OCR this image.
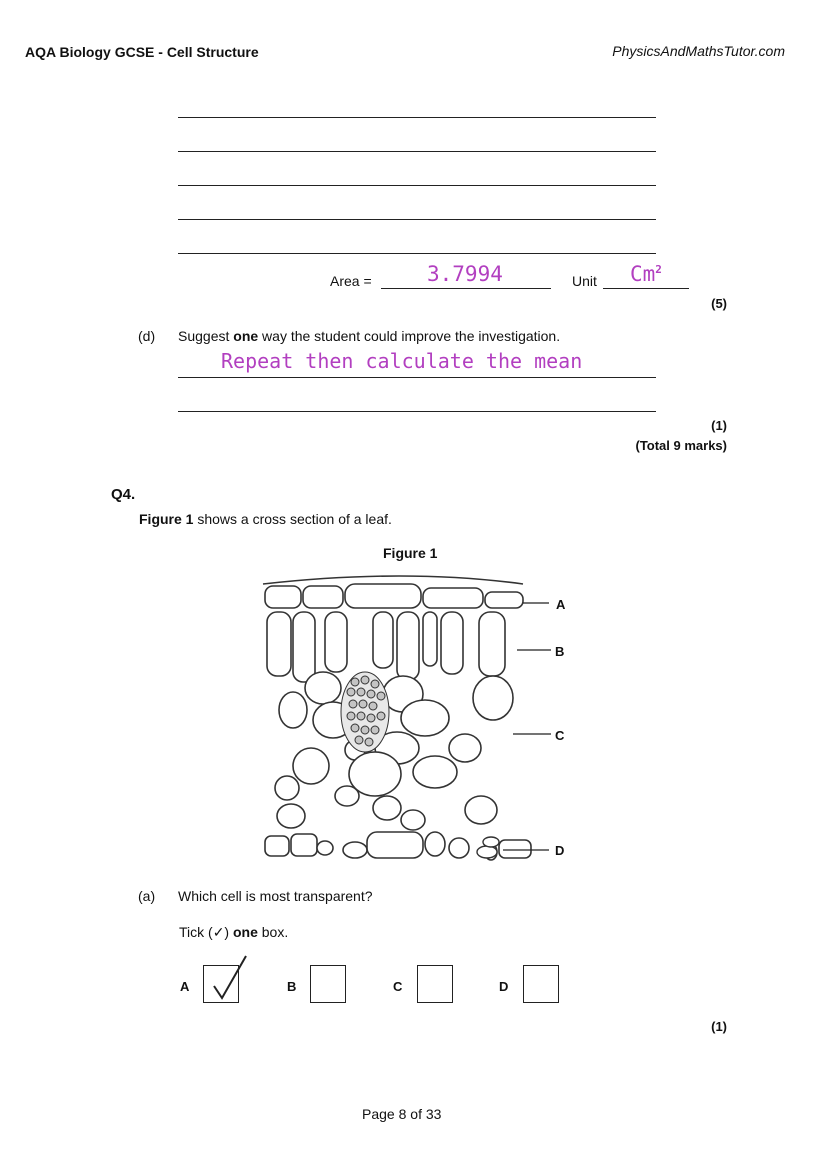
AQA Biology GCSE - Cell Structure	PhysicsAndMathsTutor.com
Area =	3.7994	Unit Cm$^2$
(5)
(d) Suggest one way the student could improve the investigation.
Repeat then calculate the mean
(1)
(Total 9 marks)
Q4.
Figure 1 shows a cross section of a leaf.
Figure 1
A
B
C
D
(a) Which cell is most transparent?
Tick (✓) one box.
A	B	C	D
(1)
Page 8 of 33
